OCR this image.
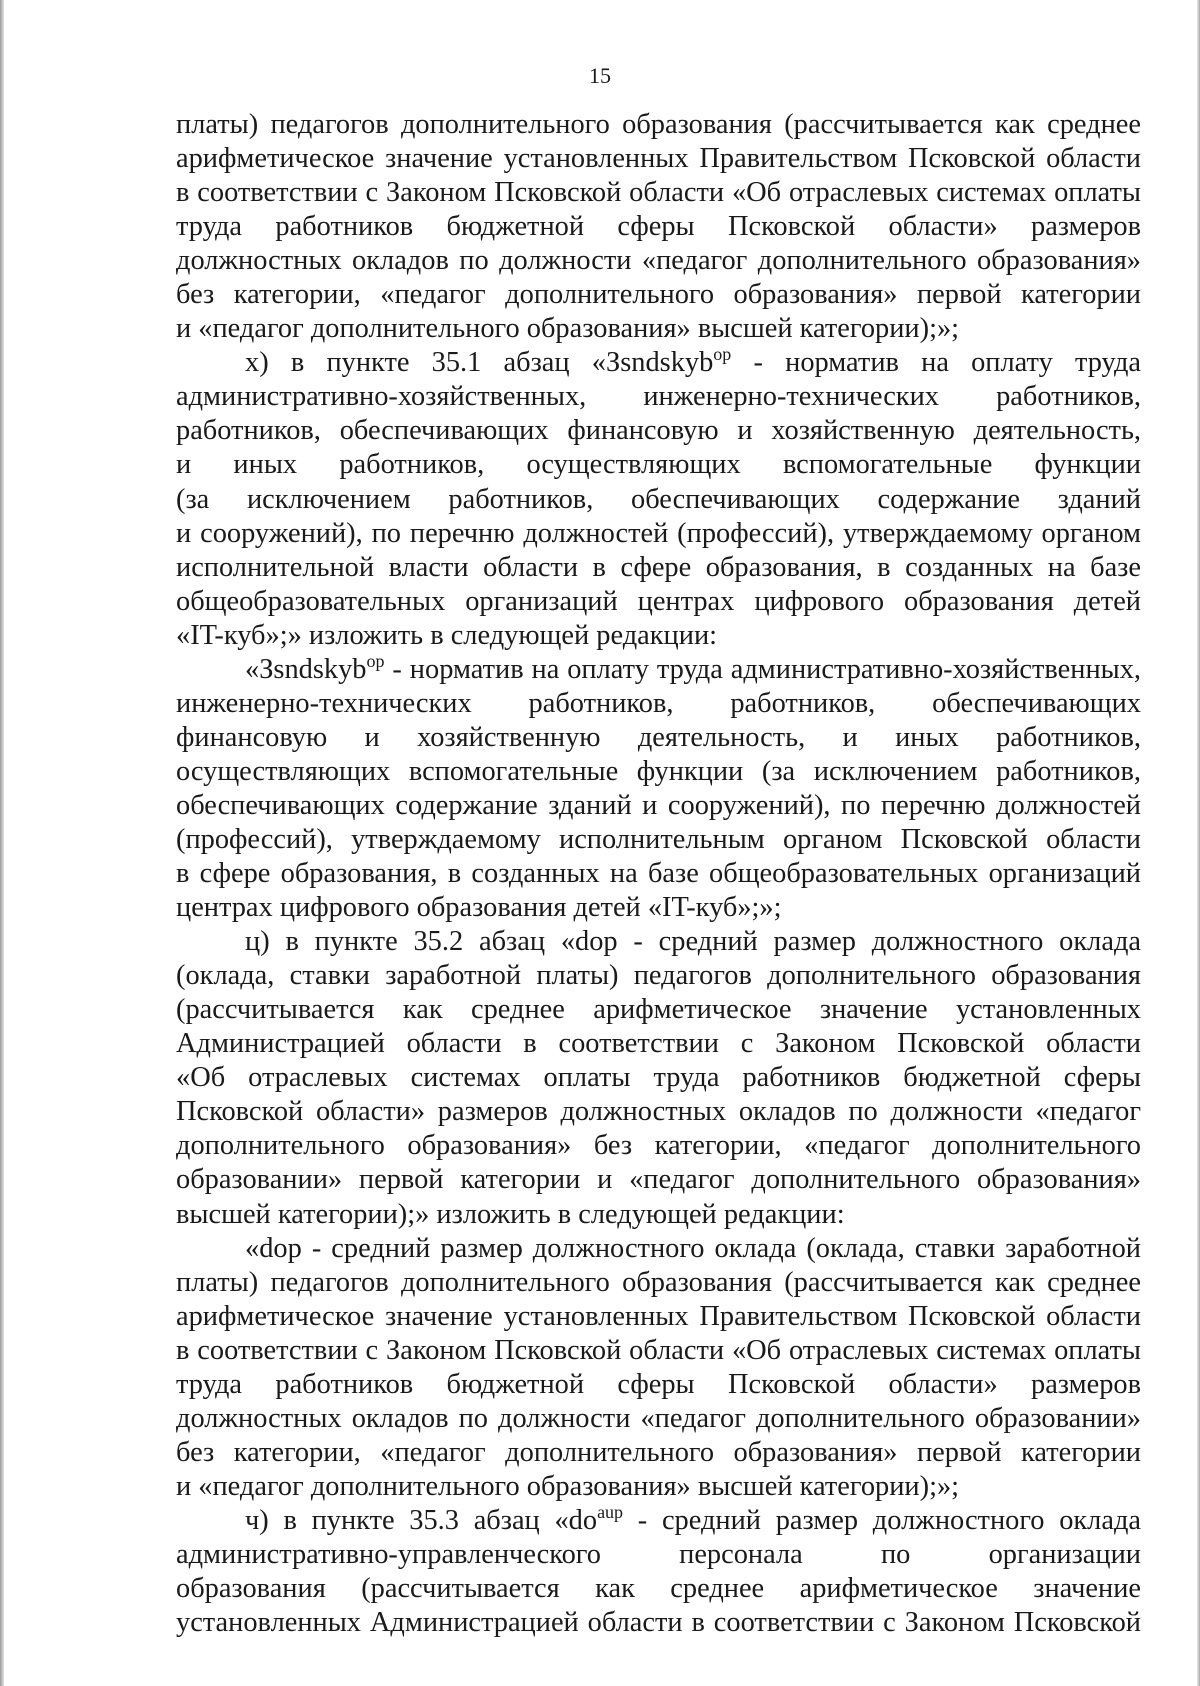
15
платы) педагогов дополнительного образования (рассчитывается как среднее
арифметическое значение установленных Правительством Псковской области
в соответствии с Законом Псковской области «Об отраслевых системах оплаты
труда работников бюджетной сферы Псковской области» размеров
должностных окладов по должности «педагог дополнительного образования»
без категории, «педагог дополнительного образования» первой категории
и «педагог дополнительного образования» высшей категории);»;
х) в пункте 35.1 абзац «Зsndskyb$^{op}$ - норматив на оплату труда
административно-хозяйственных, инженерно-технических работников,
работников, обеспечивающих финансовую и хозяйственную деятельность,
и иных работников, осуществляющих вспомогательные функции
(за исключением работников, обеспечивающих содержание зданий
и сооружений), по перечню должностей (профессий), утверждаемому органом
исполнительной власти области в сфере образования, в созданных на базе
общеобразовательных организаций центрах цифрового образования детей
«IT-куб»;» изложить в следующей редакции:
«Зsndskyb$^{op}$ - норматив на оплату труда административно-хозяйственных,
инженерно-технических работников, работников, обеспечивающих
финансовую и хозяйственную деятельность, и иных работников,
осуществляющих вспомогательные функции (за исключением работников,
обеспечивающих содержание зданий и сооружений), по перечню должностей
(профессий), утверждаемому исполнительным органом Псковской области
в сфере образования, в созданных на базе общеобразовательных организаций
центрах цифрового образования детей «IT-куб»;»;
ц) в пункте 35.2 абзац «dop - средний размер должностного оклада
(оклада, ставки заработной платы) педагогов дополнительного образования
(рассчитывается как среднее арифметическое значение установленных
Администрацией области в соответствии с Законом Псковской области
«Об отраслевых системах оплаты труда работников бюджетной сферы
Псковской области» размеров должностных окладов по должности «педагог
дополнительного образования» без категории, «педагог дополнительного
образовании» первой категории и «педагог дополнительного образования»
высшей категории);» изложить в следующей редакции:
«dop - средний размер должностного оклада (оклада, ставки заработной
платы) педагогов дополнительного образования (рассчитывается как среднее
арифметическое значение установленных Правительством Псковской области
в соответствии с Законом Псковской области «Об отраслевых системах оплаты
труда работников бюджетной сферы Псковской области» размеров
должностных окладов по должности «педагог дополнительного образовании»
без категории, «педагог дополнительного образования» первой категории
и «педагог дополнительного образования» высшей категории);»;
ч) в пункте 35.3 абзац «$do^{aup}$ - средний размер должностного оклада
административно-управленческого персонала по организации
образования (рассчитывается как среднее арифметическое значение
установленных Администрацией области в соответствии с Законом Псковской
